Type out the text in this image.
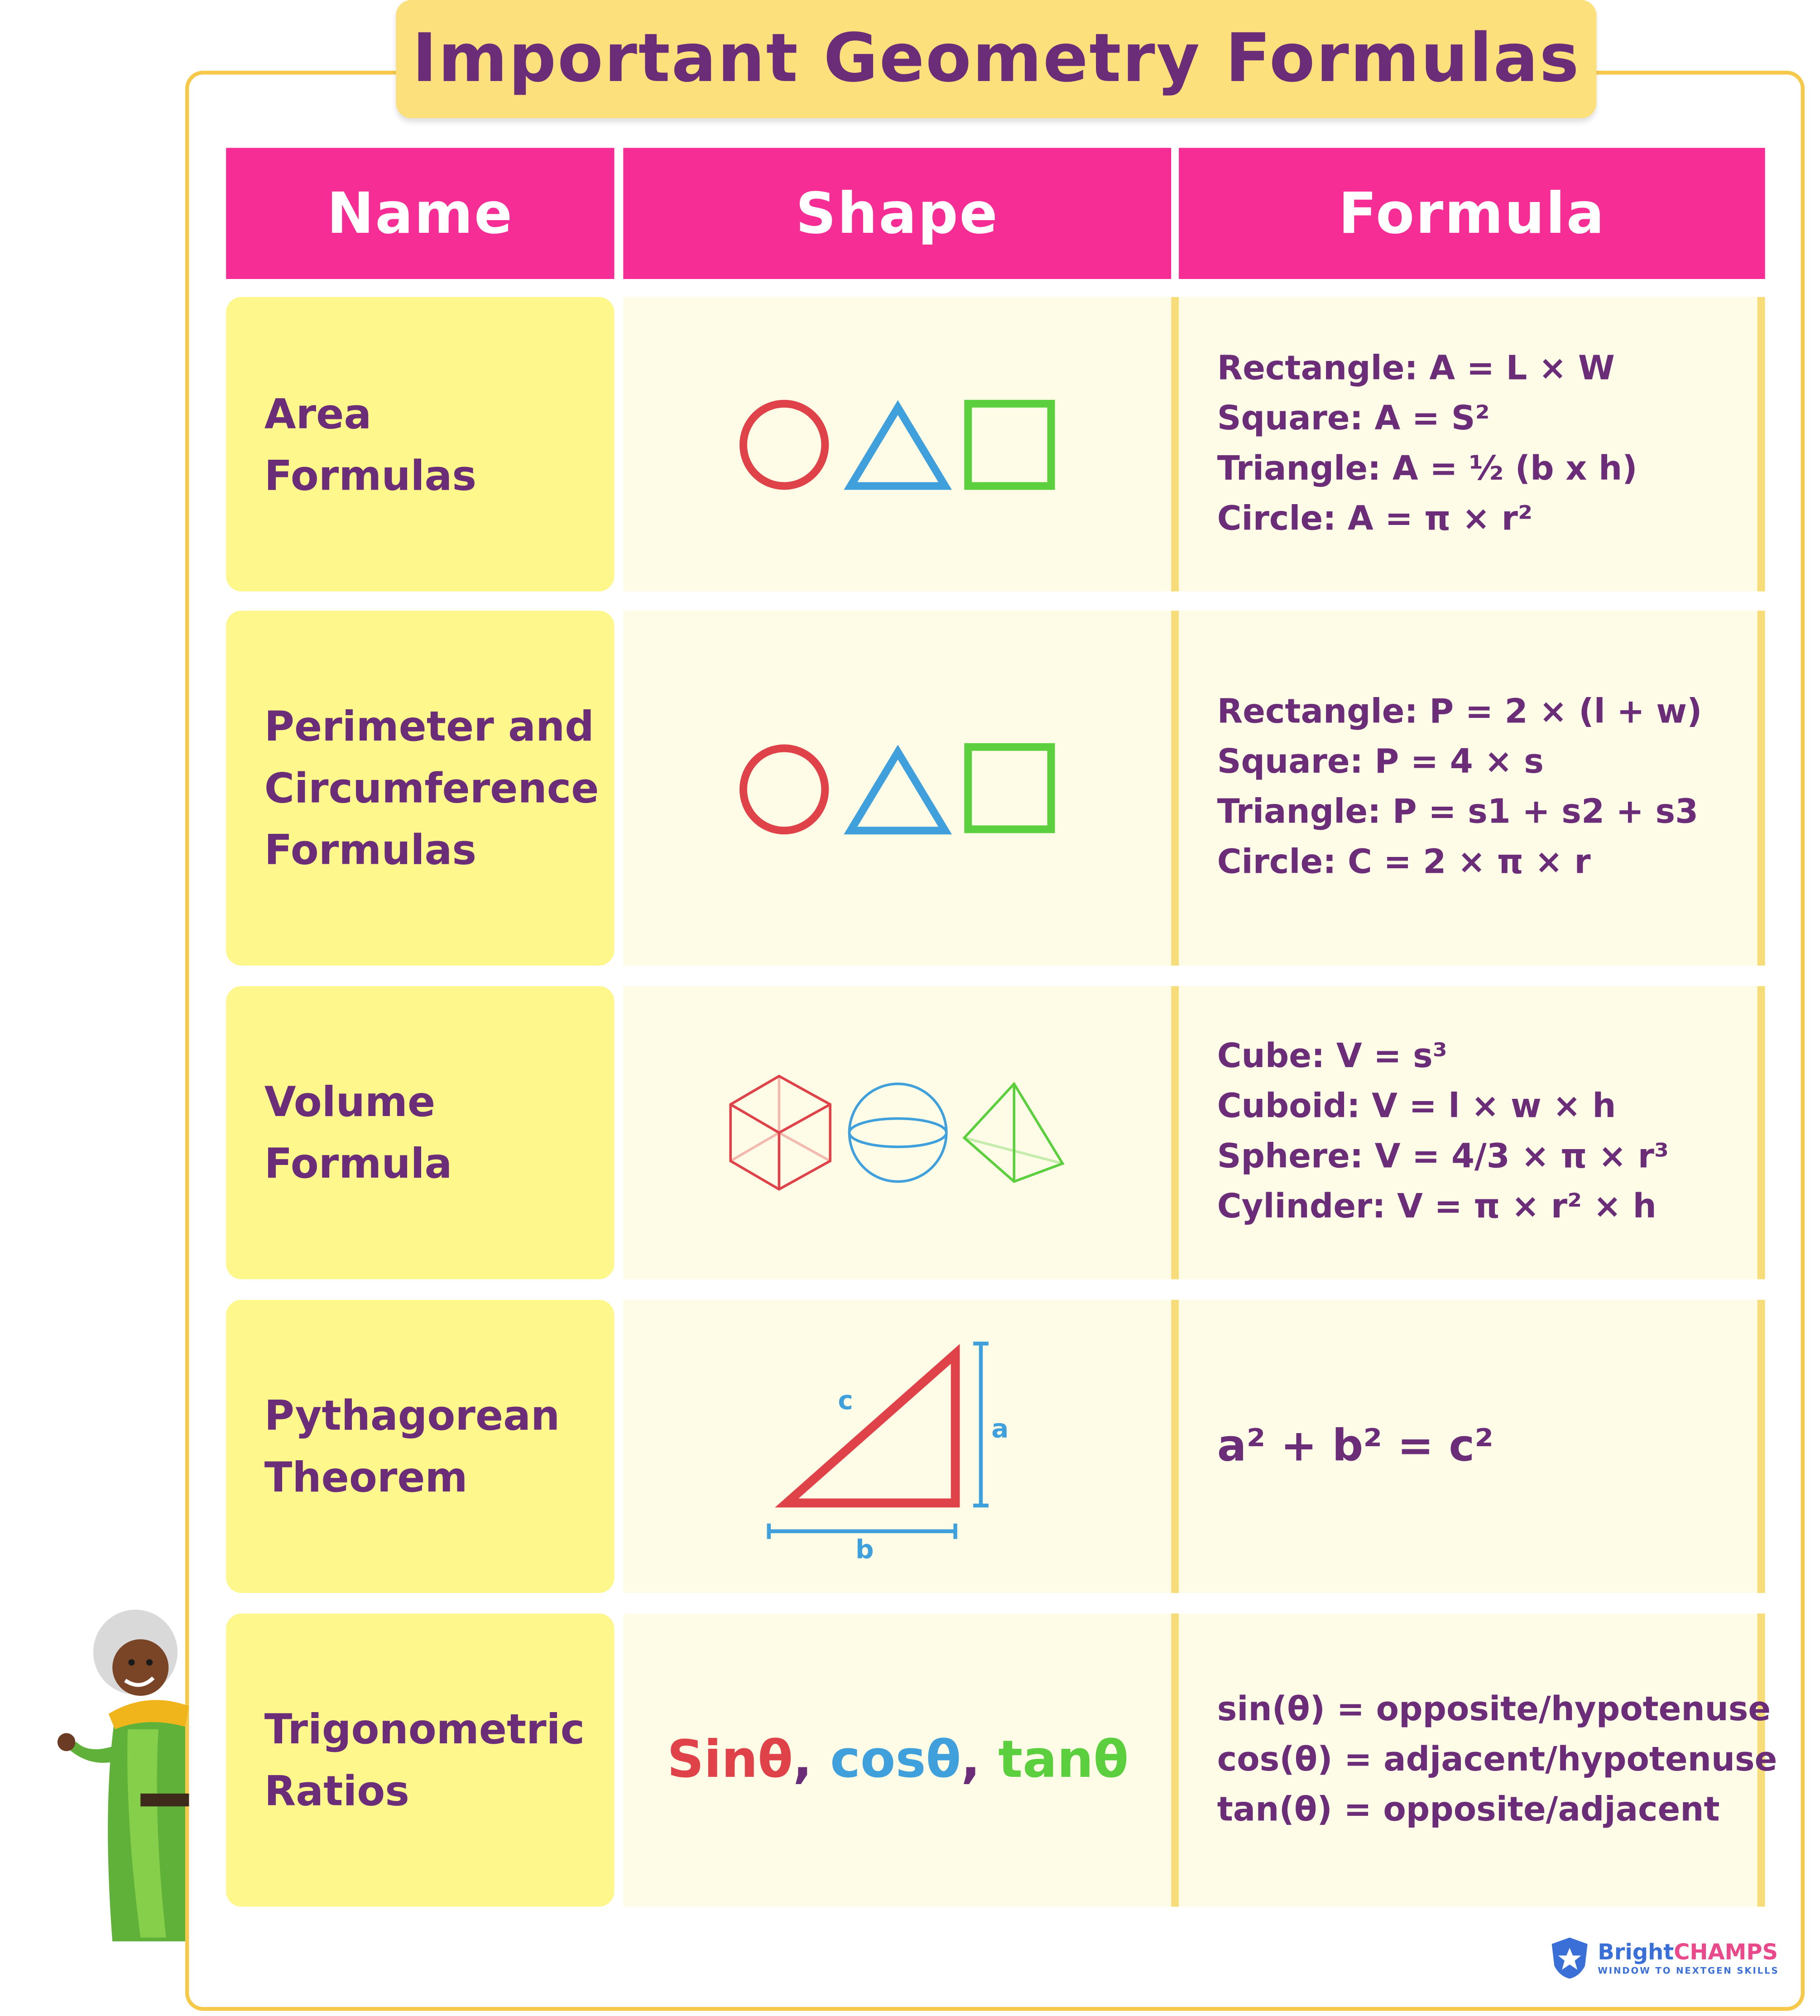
Important Geometry Formulas
Name	Shape	Formula
Area
Formulas
Rectangle: A = L × W
Square: A = S²
Triangle: A = ½ (b x h)
Circle: A = π × r²
Perimeter and
Circumference
Formulas
Rectangle: P = 2 × (l + w)
Square: P = 4 × s
Triangle: P = s1 + s2 + s3
Circle: C = 2 × π × r
Volume
Formula
Cube: V = s³
Cuboid: V = l × w × h
Sphere: V = 4/3 × π × r³
Cylinder: V = π × r² × h
Pythagorean
Theorem
c
a
b
a² + b² = c²
Trigonometric
Ratios
Sinθ , cosθ , tanθ
sin(θ) = opposite/hypotenuse
cos(θ) = adjacent/hypotenuse
tan(θ) = opposite/adjacent
BrightCHAMPS
WINDOW TO NEXTGEN SKILLS
